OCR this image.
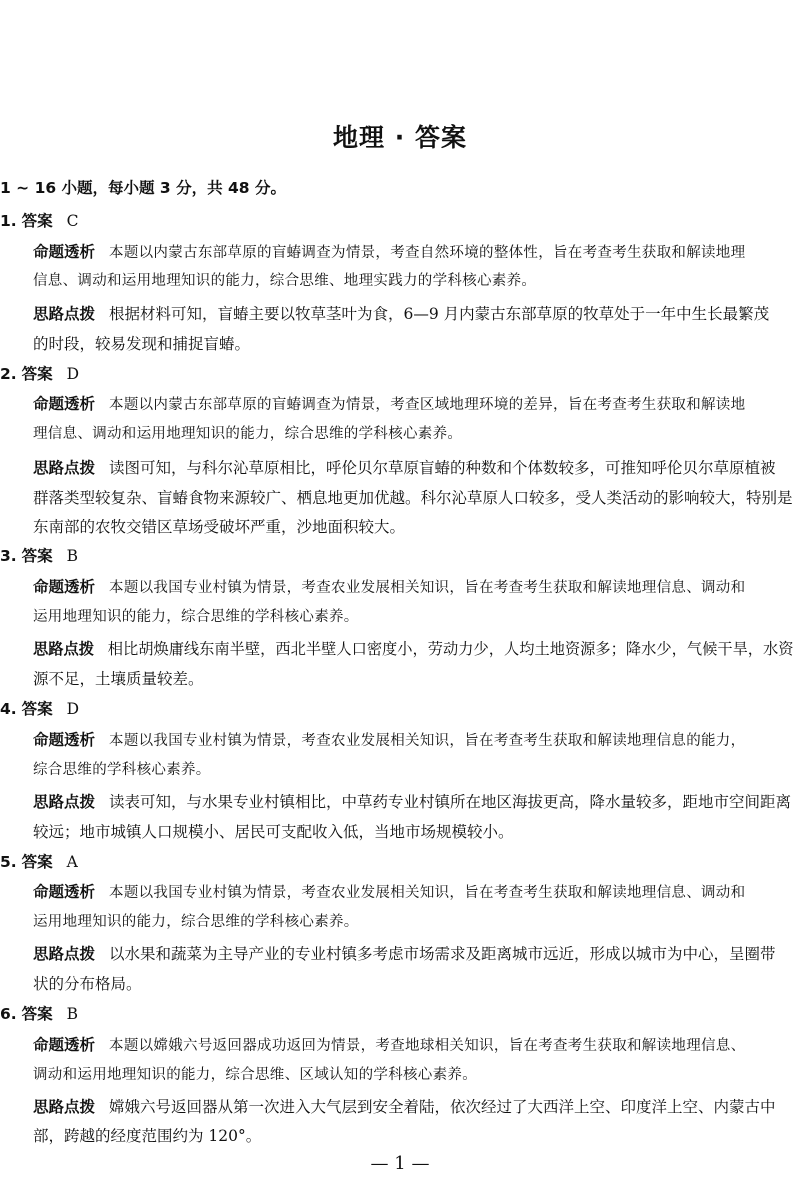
地理 · 答案
1 ~ 16 小题，每小题 3 分，共 48 分。
1. 答案 C
命题透析 本题以内蒙古东部草原的盲蝽调查为情景，考查自然环境的整体性，旨在考查考生获取和解读地理
信息、调动和运用地理知识的能力，综合思维、地理实践力的学科核心素养。
思路点拨 根据材料可知，盲蝽主要以牧草茎叶为食，6—9 月内蒙古东部草原的牧草处于一年中生长最繁茂
的时段，较易发现和捕捉盲蝽。
2. 答案 D
命题透析 本题以内蒙古东部草原的盲蝽调查为情景，考查区域地理环境的差异，旨在考查考生获取和解读地
理信息、调动和运用地理知识的能力，综合思维的学科核心素养。
思路点拨 读图可知，与科尔沁草原相比，呼伦贝尔草原盲蝽的种数和个体数较多，可推知呼伦贝尔草原植被
群落类型较复杂、盲蝽食物来源较广、栖息地更加优越。科尔沁草原人口较多，受人类活动的影响较大，特别是
东南部的农牧交错区草场受破坏严重，沙地面积较大。
3. 答案 B
命题透析 本题以我国专业村镇为情景，考查农业发展相关知识，旨在考查考生获取和解读地理信息、调动和
运用地理知识的能力，综合思维的学科核心素养。
思路点拨 相比胡焕庸线东南半壁，西北半壁人口密度小，劳动力少，人均土地资源多；降水少，气候干旱，水资
源不足，土壤质量较差。
4. 答案 D
命题透析 本题以我国专业村镇为情景，考查农业发展相关知识，旨在考查考生获取和解读地理信息的能力，
综合思维的学科核心素养。
思路点拨 读表可知，与水果专业村镇相比，中草药专业村镇所在地区海拔更高，降水量较多，距地市空间距离
较远；地市城镇人口规模小、居民可支配收入低，当地市场规模较小。
5. 答案 A
命题透析 本题以我国专业村镇为情景，考查农业发展相关知识，旨在考查考生获取和解读地理信息、调动和
运用地理知识的能力，综合思维的学科核心素养。
思路点拨 以水果和蔬菜为主导产业的专业村镇多考虑市场需求及距离城市远近，形成以城市为中心，呈圈带
状的分布格局。
6. 答案 B
命题透析 本题以嫦娥六号返回器成功返回为情景，考查地球相关知识，旨在考查考生获取和解读地理信息、
调动和运用地理知识的能力，综合思维、区域认知的学科核心素养。
思路点拨 嫦娥六号返回器从第一次进入大气层到安全着陆，依次经过了大西洋上空、印度洋上空、内蒙古中
部，跨越的经度范围约为 120°。
— 1 —
